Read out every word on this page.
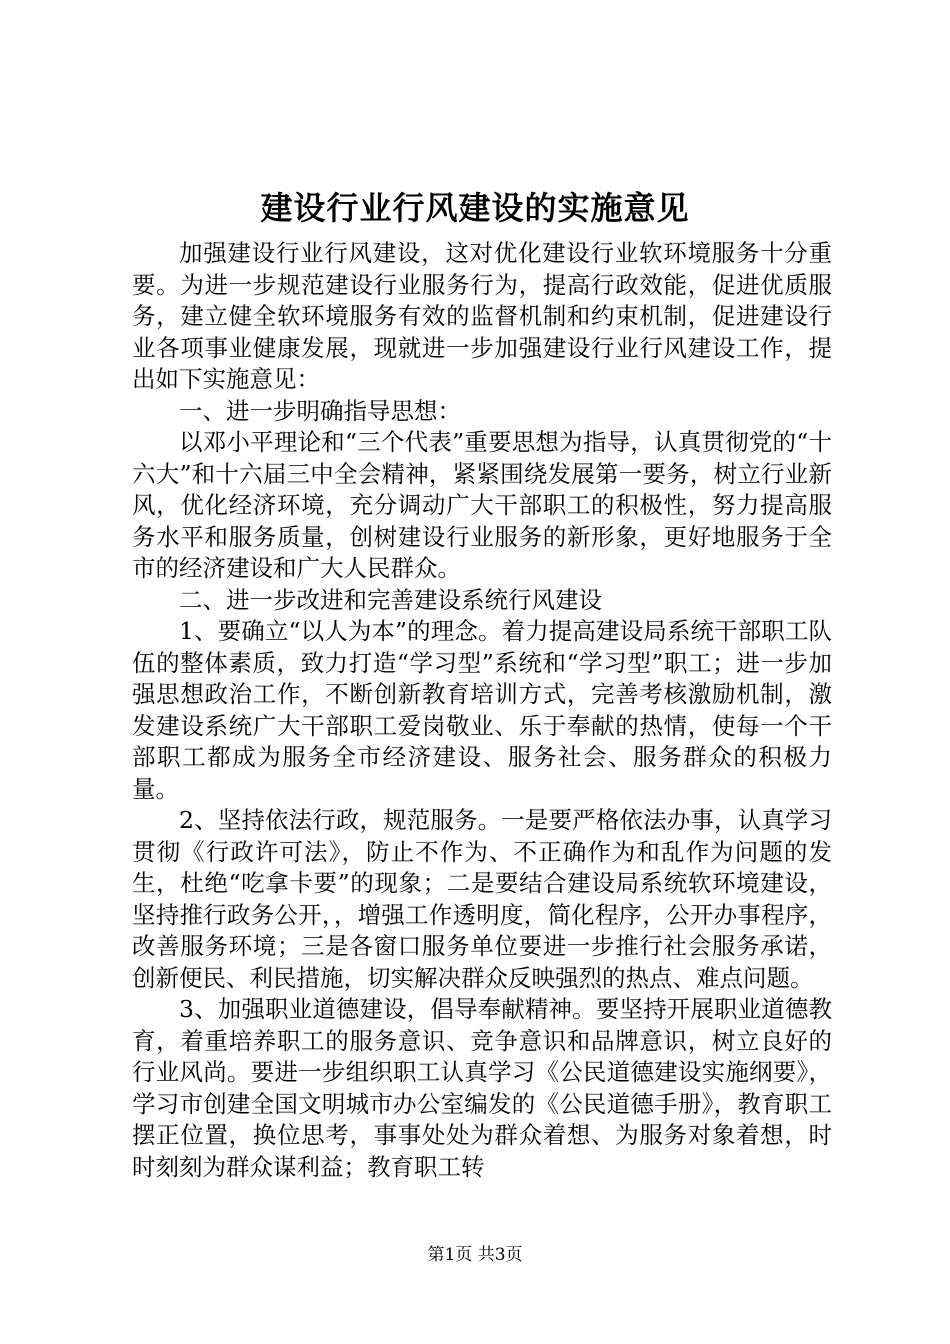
建设行业行风建设的实施意见

加强建设行业行风建设，这对优化建设行业软环境服务十分重要。为进一步规范建设行业服务行为，提高行政效能，促进优质服务，建立健全软环境服务有效的监督机制和约束机制，促进建设行业各项事业健康发展，现就进一步加强建设行业行风建设工作，提出如下实施意见：

一、进一步明确指导思想：

以邓小平理论和“三个代表”重要思想为指导，认真贯彻党的“十六大”和十六届三中全会精神，紧紧围绕发展第一要务，树立行业新风，优化经济环境，充分调动广大干部职工的积极性，努力提高服务水平和服务质量，创树建设行业服务的新形象，更好地服务于全市的经济建设和广大人民群众。

二、进一步改进和完善建设系统行风建设

1、要确立“以人为本”的理念。着力提高建设局系统干部职工队伍的整体素质，致力打造“学习型”系统和“学习型”职工；进一步加强思想政治工作，不断创新教育培训方式，完善考核激励机制，激发建设系统广大干部职工爱岗敬业、乐于奉献的热情，使每一个干部职工都成为服务全市经济建设、服务社会、服务群众的积极力量。

2、坚持依法行政，规范服务。一是要严格依法办事，认真学习贯彻《行政许可法》，防止不作为、不正确作为和乱作为问题的发生，杜绝“吃拿卡要”的现象；二是要结合建设局系统软环境建设，坚持推行政务公开，，增强工作透明度，简化程序，公开办事程序，改善服务环境；三是各窗口服务单位要进一步推行社会服务承诺，创新便民、利民措施，切实解决群众反映强烈的热点、难点问题。

3、加强职业道德建设，倡导奉献精神。要坚持开展职业道德教育，着重培养职工的服务意识、竞争意识和品牌意识，树立良好的行业风尚。要进一步组织职工认真学习《公民道德建设实施纲要》，学习市创建全国文明城市办公室编发的《公民道德手册》，教育职工摆正位置，换位思考，事事处处为群众着想、为服务对象着想，时时刻刻为群众谋利益；教育职工转

第1页 共3页
